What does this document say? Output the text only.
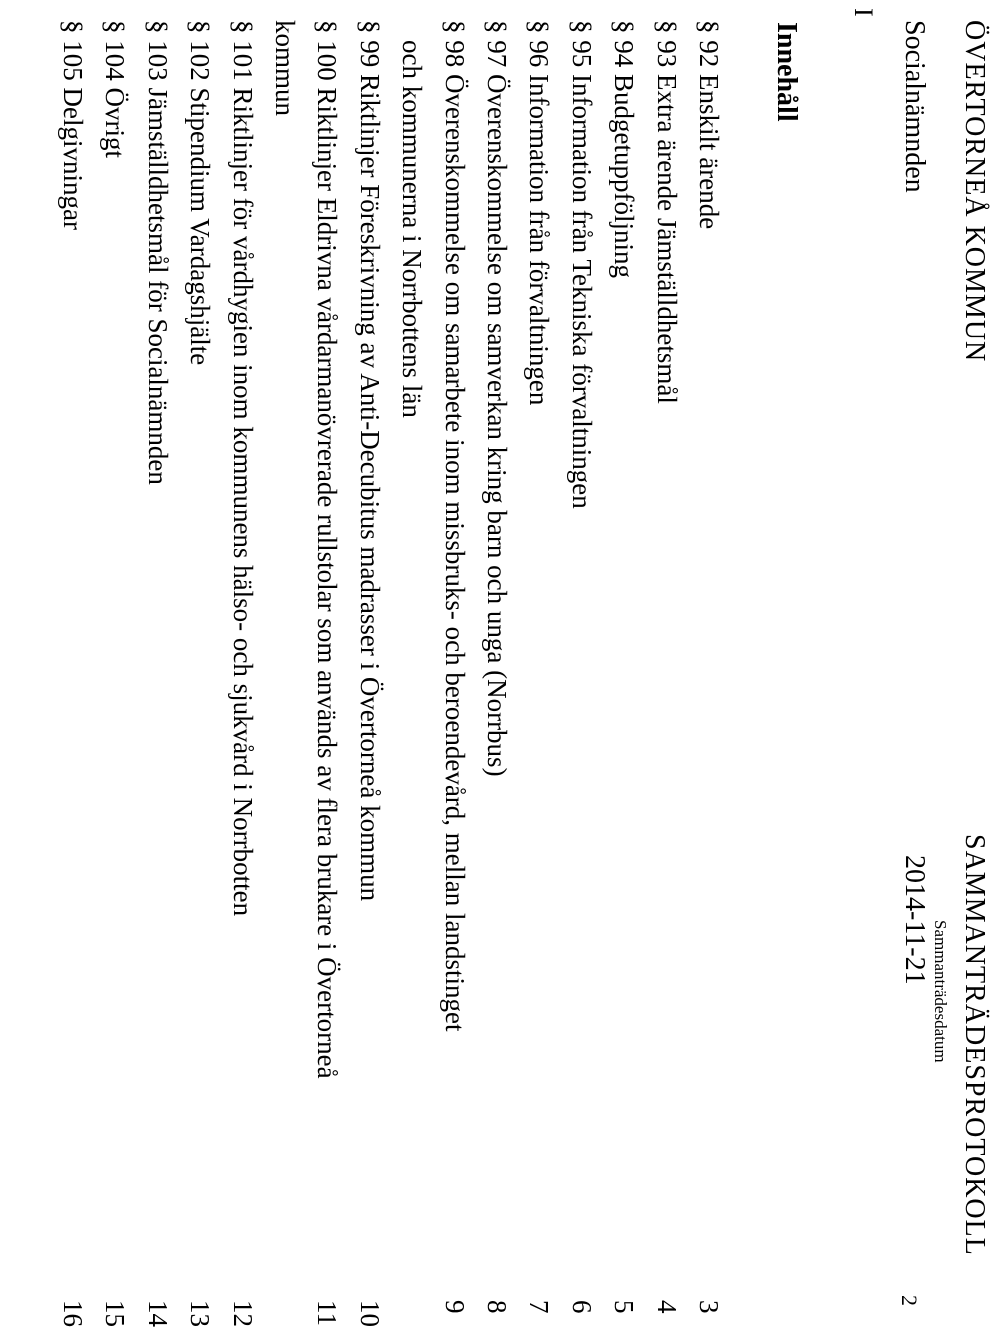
ÖVERTORNEÅ KOMMUN
SAMMANTRÄDESPROTOKOLL
Sammanträdesdatum
Socialnämnden
2014-11-21
2
I
Innehåll
§ 92 Enskilt ärende
3
§ 93 Extra ärende Jämställdhetsmål
4
§ 94 Budgetuppföljning
5
§ 95 Information från Tekniska förvaltningen
6
§ 96 Information från förvaltningen
7
§ 97 Överenskommelse om samverkan kring barn och unga (Norrbus)
8
§ 98 Överenskommelse om samarbete inom missbruks- och beroendevård, mellan landstinget
9
och kommunerna i Norrbottens län
§ 99 Riktlinjer Föreskrivning av Anti-Decubitus madrasser i Övertorneå kommun
10
§ 100 Riktlinjer Eldrivna vårdarmanövrerade rullstolar som används av flera brukare i Övertorneå
11
kommun
§ 101 Riktlinjer för vårdhygien inom kommunens hälso- och sjukvård i Norrbotten
12
§ 102 Stipendium Vardagshjälte
13
§ 103 Jämställdhetsmål för Socialnämnden
14
§ 104 Övrigt
15
§ 105 Delgivningar
16
